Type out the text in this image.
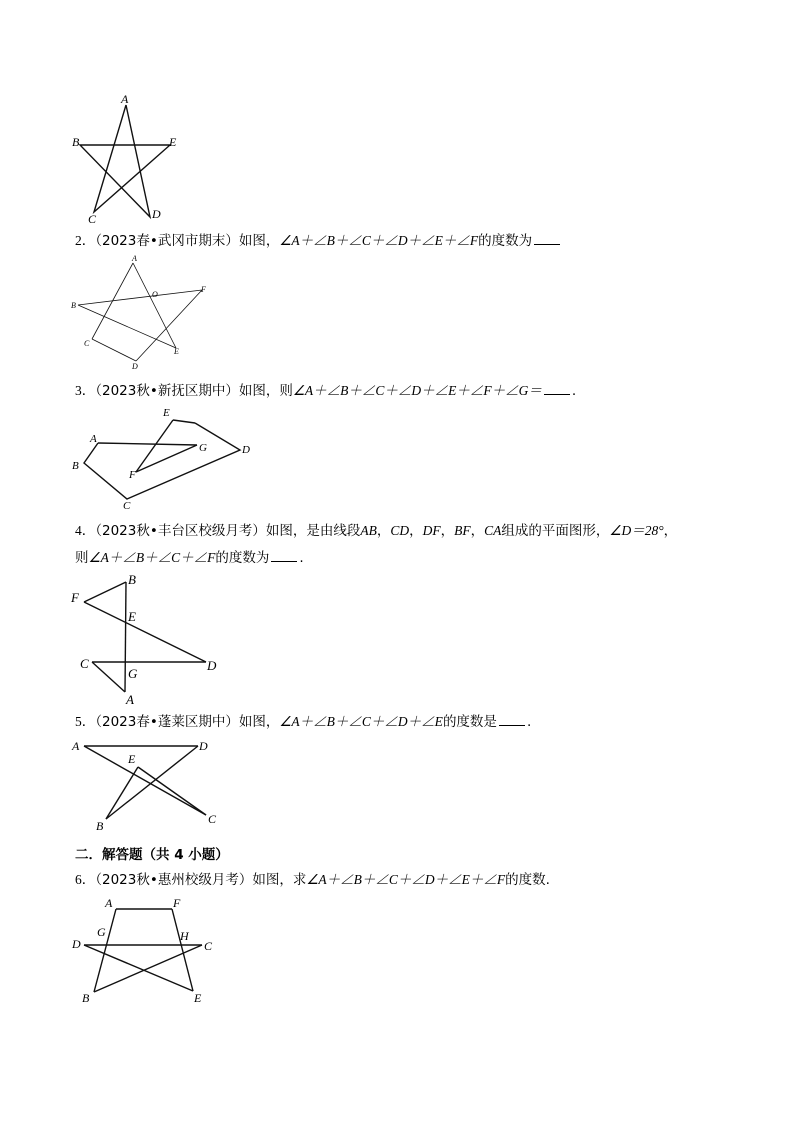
A
B	E
C	D
2．（2023春•武冈市期末）如图，∠A＋∠B＋∠C＋∠D＋∠E＋∠F的度数为
A
B
C
D
E
F
O
3．（2023秋•新抚区期中）如图，则∠A＋∠B＋∠C＋∠D＋∠E＋∠F＋∠G＝ .
A
B
C
D
E
F
G
4．（2023秋•丰台区校级月考）如图，是由线段AB，CD，DF，BF，CA组成的平面图形，∠D＝28°，
则∠A＋∠B＋∠C＋∠F的度数为 .
B
F
E
C
G
D
A
5．（2023春•蓬莱区期中）如图，∠A＋∠B＋∠C＋∠D＋∠E的度数是 .
A	D
E
B	C
二．解答题（共 4 小题）
6．（2023秋•惠州校级月考）如图，求∠A＋∠B＋∠C＋∠D＋∠E＋∠F的度数.
A	F
G	H
D	C
B	E
